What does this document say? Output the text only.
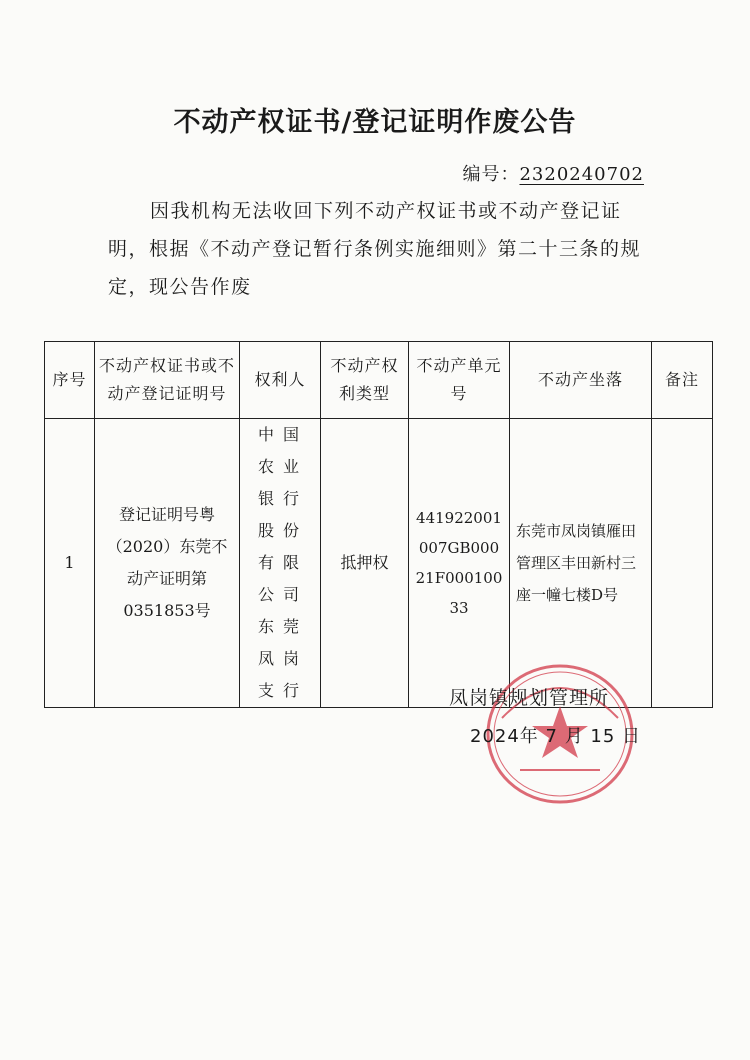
不动产权证书/登记证明作废公告
编号：2320240702

因我机构无法收回下列不动产权证书或不动产登记证明，根据《不动产登记暂行条例实施细则》第二十三条的规定，现公告作废

序号	不动产权证书或不动产登记证明号	权利人	不动产权利类型	不动产单元号	不动产坐落	备注
1	登记证明号粤（2020）东莞不动产证明第0351853号	中国农业银行股份有限公司东莞凤岗支行	抵押权	441922001007GB00021F00010033	东莞市凤岗镇雁田管理区丰田新村三座一幢七楼D号	
凤岗镇规划管理所
2024年 7 月 15 日
